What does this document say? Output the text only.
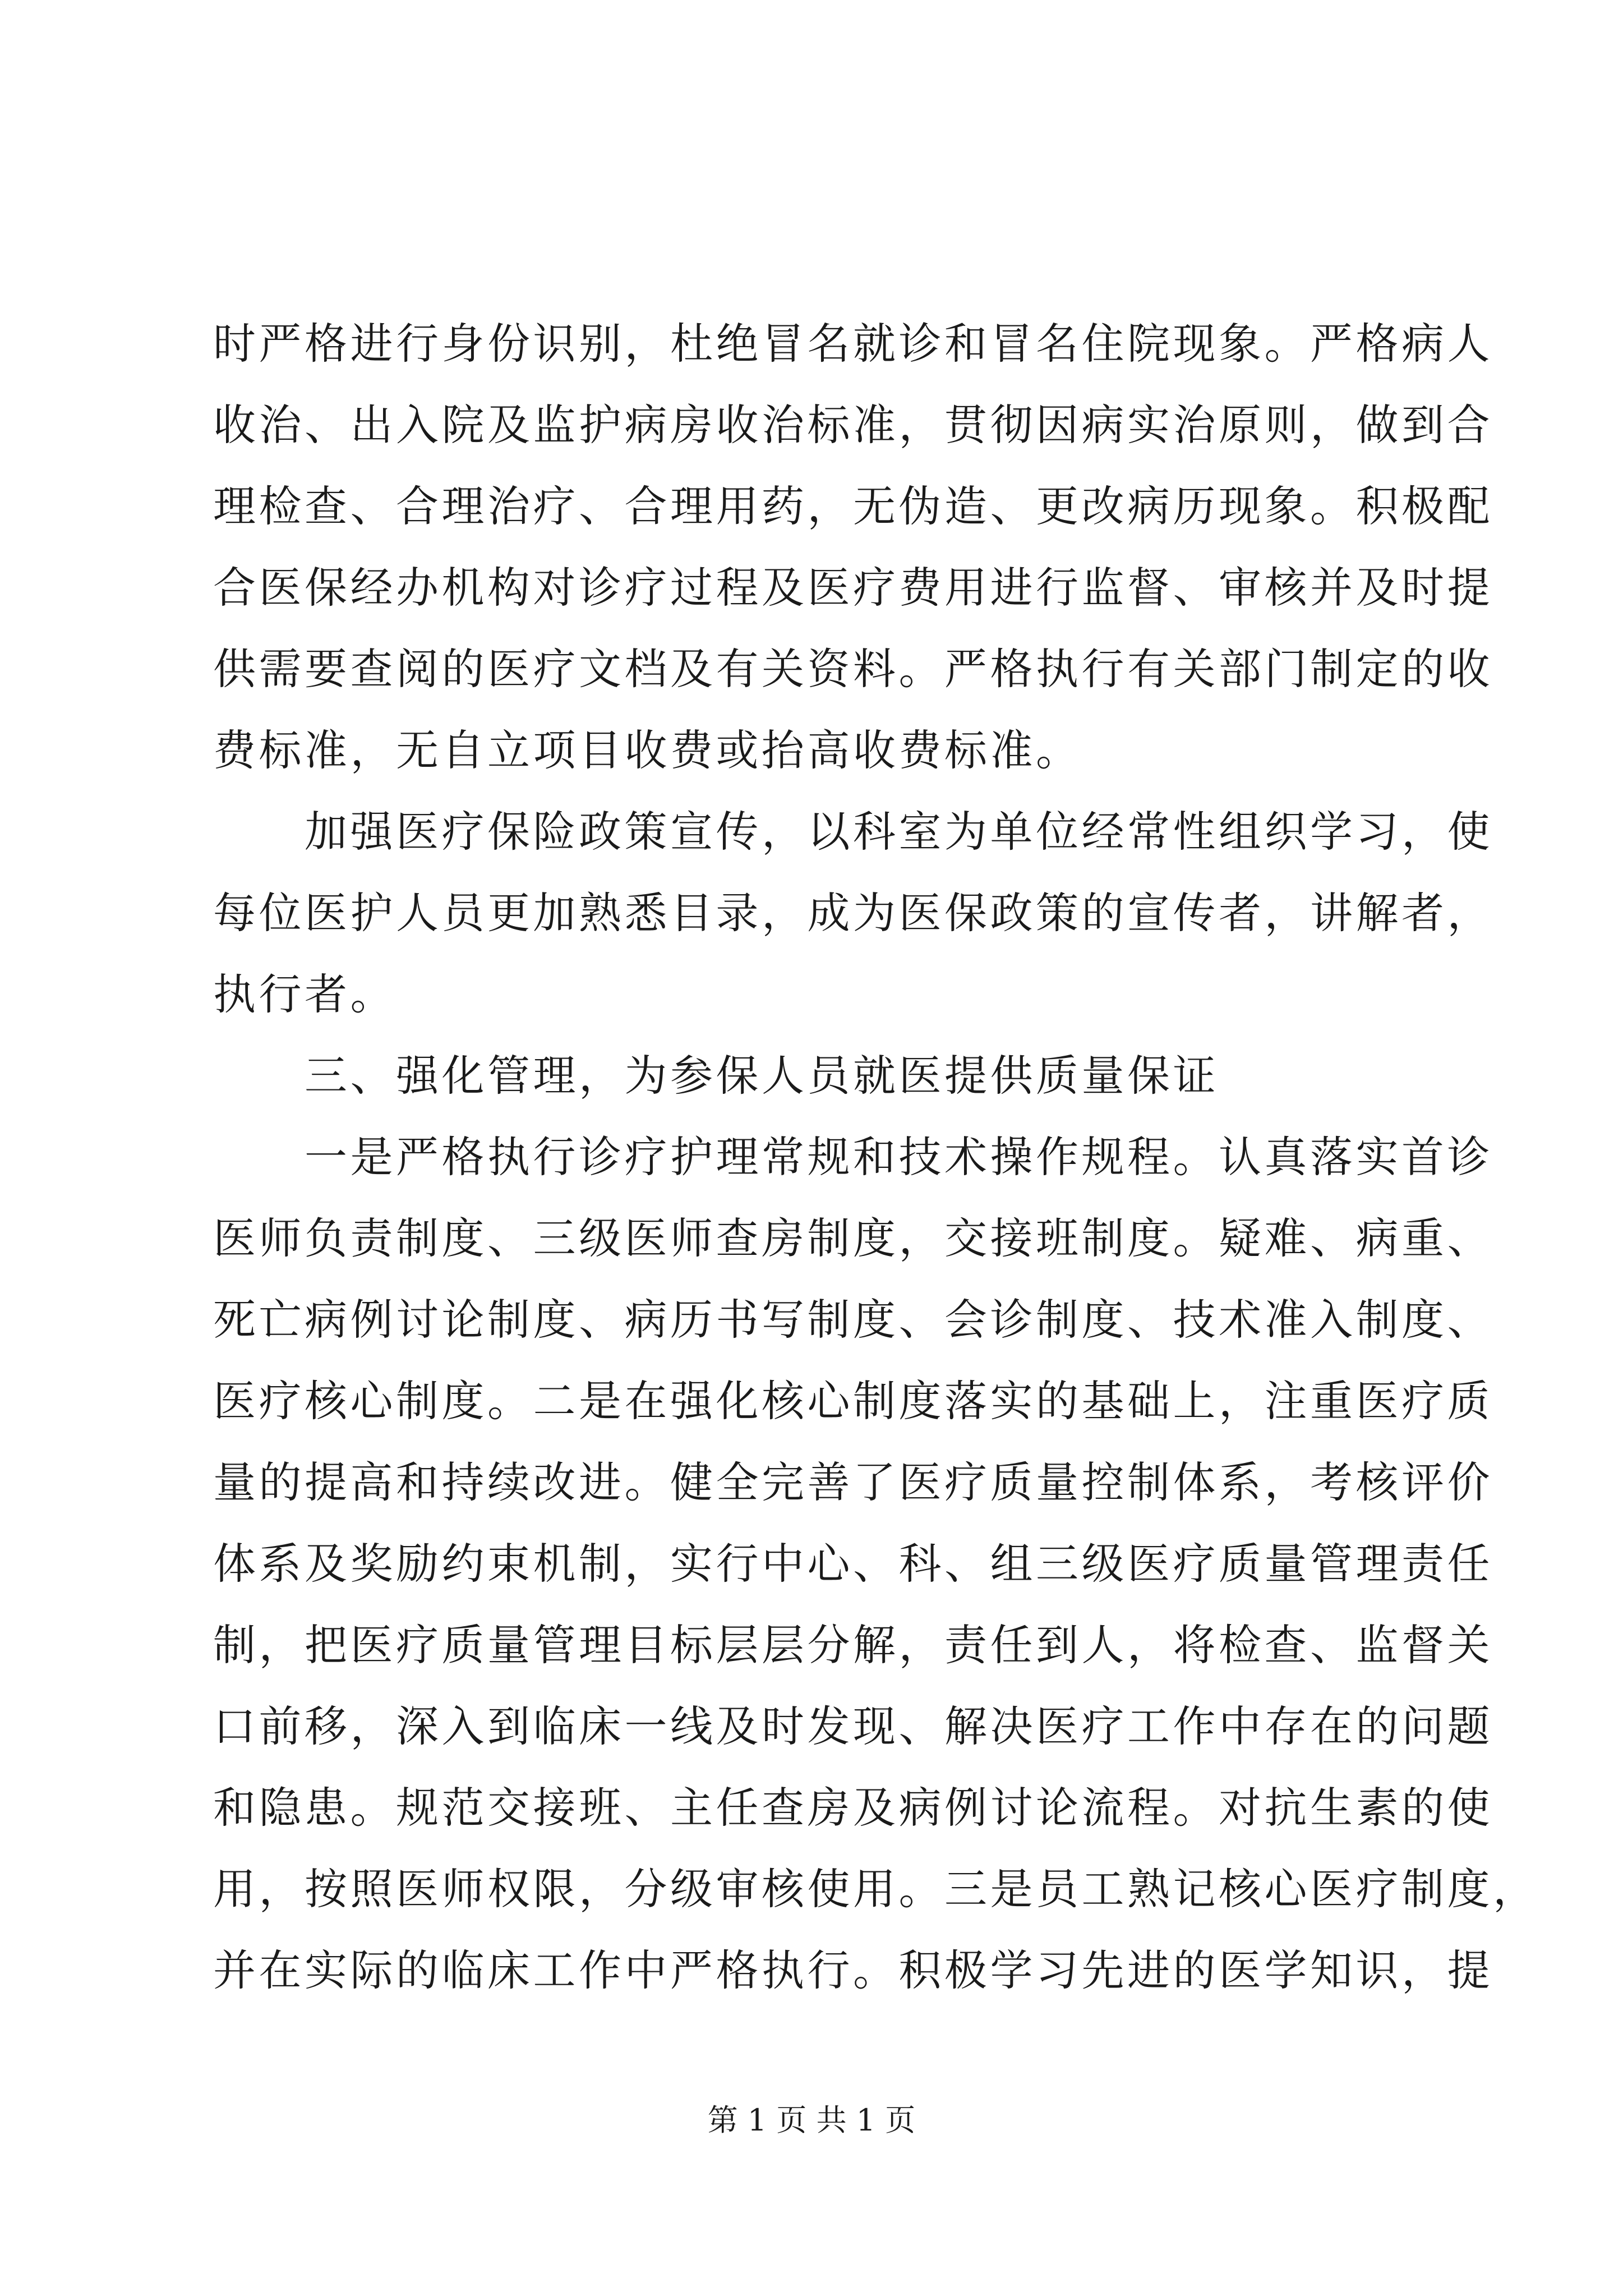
时严格进行身份识别，杜绝冒名就诊和冒名住院现象。严格病人
收治、出入院及监护病房收治标准，贯彻因病实治原则，做到合
理检查、合理治疗、合理用药，无伪造、更改病历现象。积极配
合医保经办机构对诊疗过程及医疗费用进行监督、审核并及时提
供需要查阅的医疗文档及有关资料。严格执行有关部门制定的收
费标准，无自立项目收费或抬高收费标准。
　　加强医疗保险政策宣传，以科室为单位经常性组织学习，使
每位医护人员更加熟悉目录，成为医保政策的宣传者，讲解者，
执行者。
　　三、强化管理，为参保人员就医提供质量保证
　　一是严格执行诊疗护理常规和技术操作规程。认真落实首诊
医师负责制度、三级医师查房制度，交接班制度。疑难、病重、
死亡病例讨论制度、病历书写制度、会诊制度、技术准入制度、
医疗核心制度。二是在强化核心制度落实的基础上，注重医疗质
量的提高和持续改进。健全完善了医疗质量控制体系，考核评价
体系及奖励约束机制，实行中心、科、组三级医疗质量管理责任
制，把医疗质量管理目标层层分解，责任到人，将检查、监督关
口前移，深入到临床一线及时发现、解决医疗工作中存在的问题
和隐患。规范交接班、主任查房及病例讨论流程。对抗生素的使
用，按照医师权限，分级审核使用。三是员工熟记核心医疗制度，
并在实际的临床工作中严格执行。积极学习先进的医学知识，提
第 1 页 共 1 页
